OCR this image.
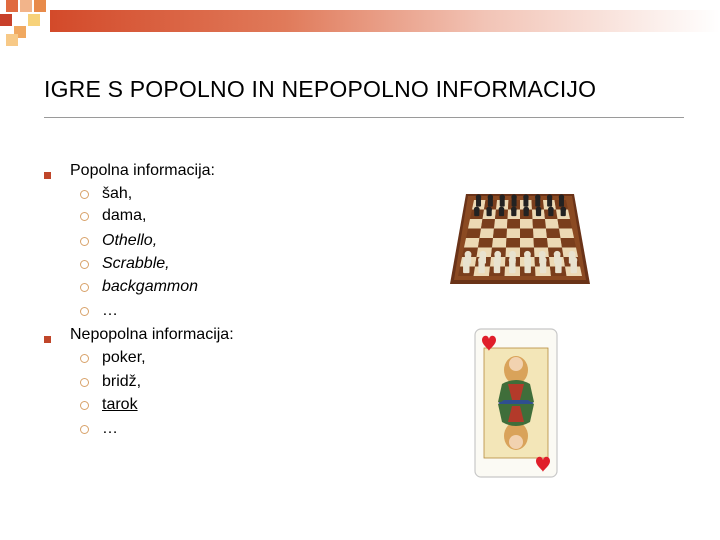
IGRE S POPOLNO IN NEPOPOLNO INFORMACIJO
Popolna informacija:
šah,
dama,
Othello,
Scrabble,
backgammon
…
Nepopolna informacija:
poker,
bridž,
tarok
…
